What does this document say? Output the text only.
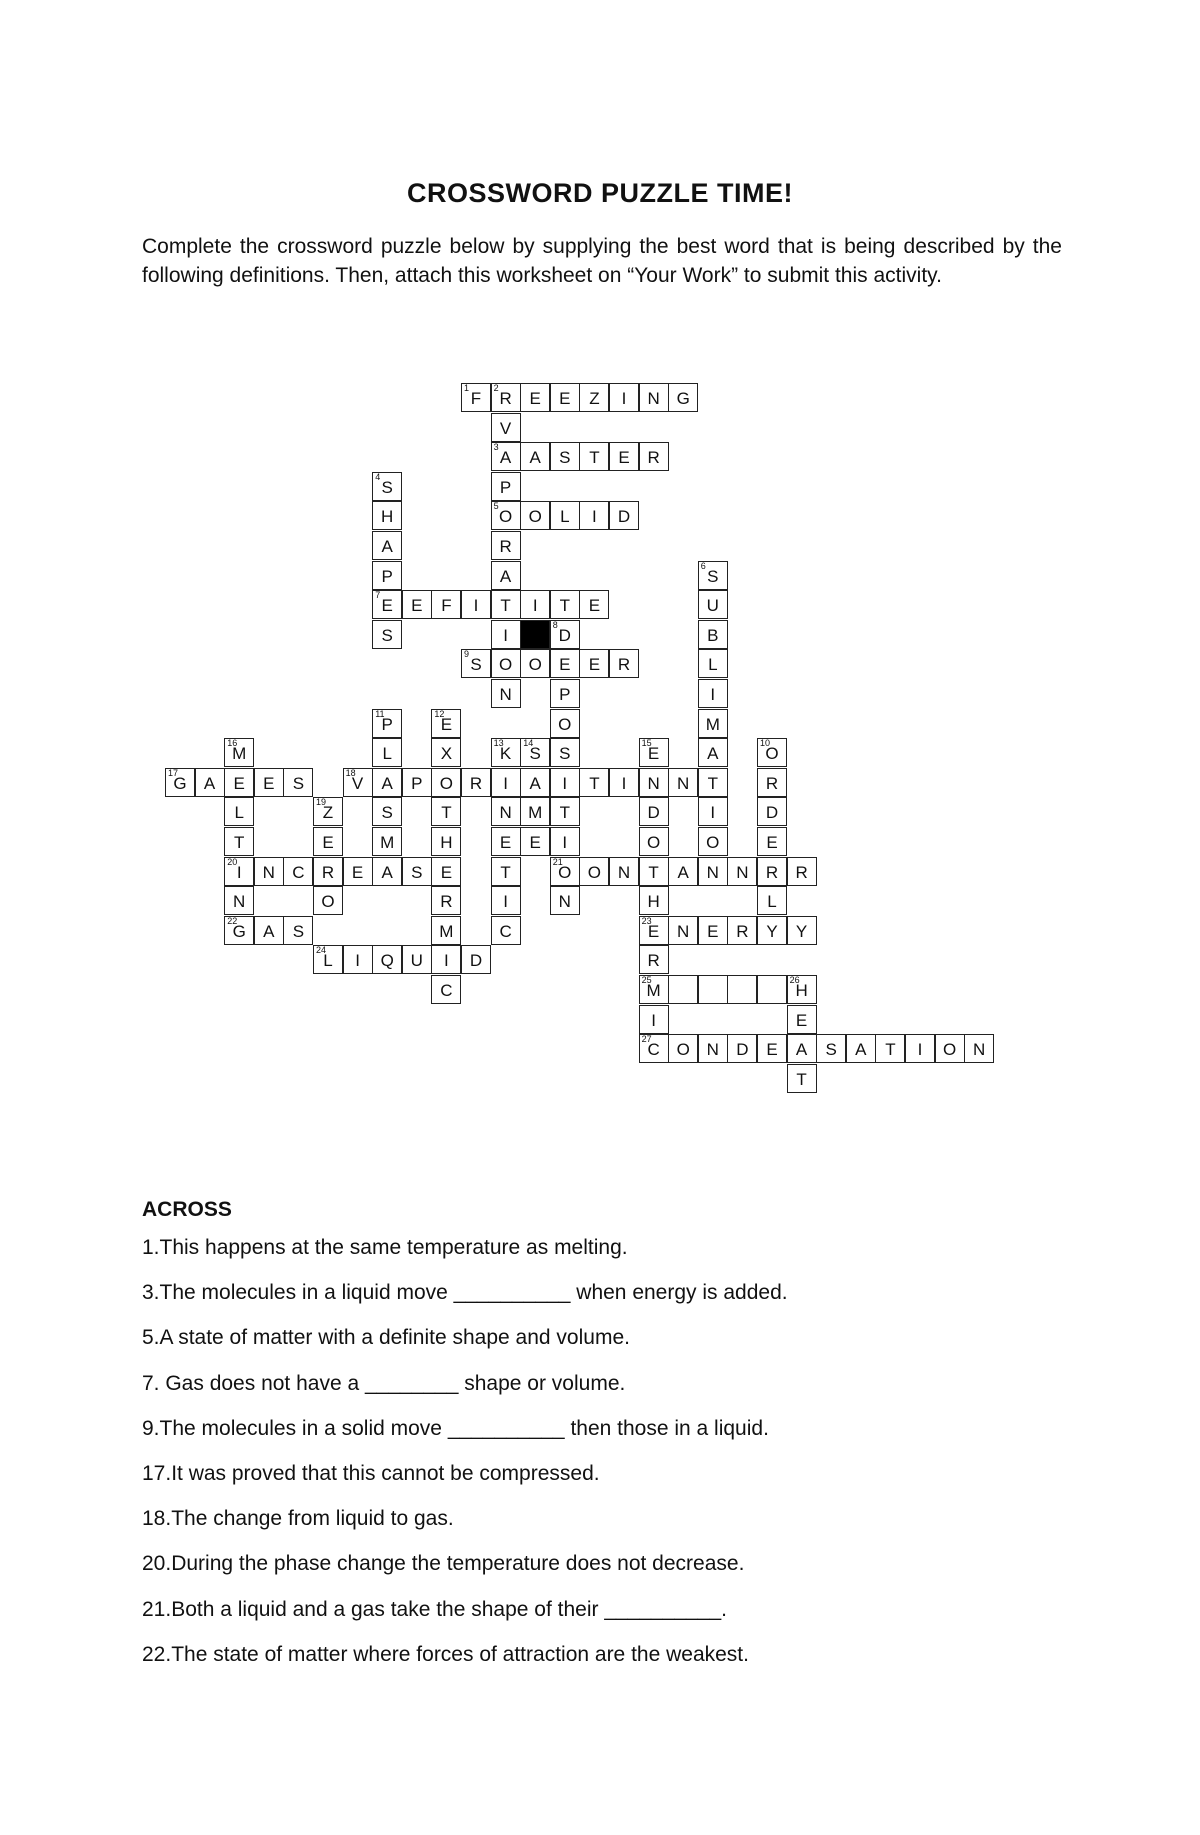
CROSSWORD PUZZLE TIME!
Complete the crossword puzzle below by supplying the best word that is being described by the following definitions. Then, attach this worksheet on “Your Work” to submit this activity.
1
F
2
R	E	E	Z	I	N G
V
3
A
P
5
O
R
A
T
I
O
N
A	S	T	E	R
4
S
H
A
P
7
E
S
O	L	I	D
6
S
U
B
L
I
M
A
T
I
O
N
E	F	I	I	T	E
8
D
E
P
O
S
I
T
I
21
O
N
9
S	O	E	R
10
O
R
D
E
R
L
Y
11
P
L
A
S
M
A
12
E
X
O
T
H
E
R
M
I
C
13
K
I
N
E
T
I
C
14
S
A
M
E
15
E
N
D
O
T
H
23
E
R
25
M
I
27
C
16
M
E
L
T
20
I
N
22
G
17
G	A	E	S
18
V	P	R	T	I	N
19
Z
E
R
O
N	C	E	S	O N	A	N	R
A	S	N	E	R	Y
24
L	I	Q U	D
26
H
E
A
T
O N	D	E	S	A	T	I	O N
ACROSS
1.This happens at the same temperature as melting.
3.The molecules in a liquid move __________ when energy is added.
5.A state of matter with a definite shape and volume.
7. Gas does not have a ________ shape or volume.
9.The molecules in a solid move __________ then those in a liquid.
17.It was proved that this cannot be compressed.
18.The change from liquid to gas.
20.During the phase change the temperature does not decrease.
21.Both a liquid and a gas take the shape of their __________.
22.The state of matter where forces of attraction are the weakest.
